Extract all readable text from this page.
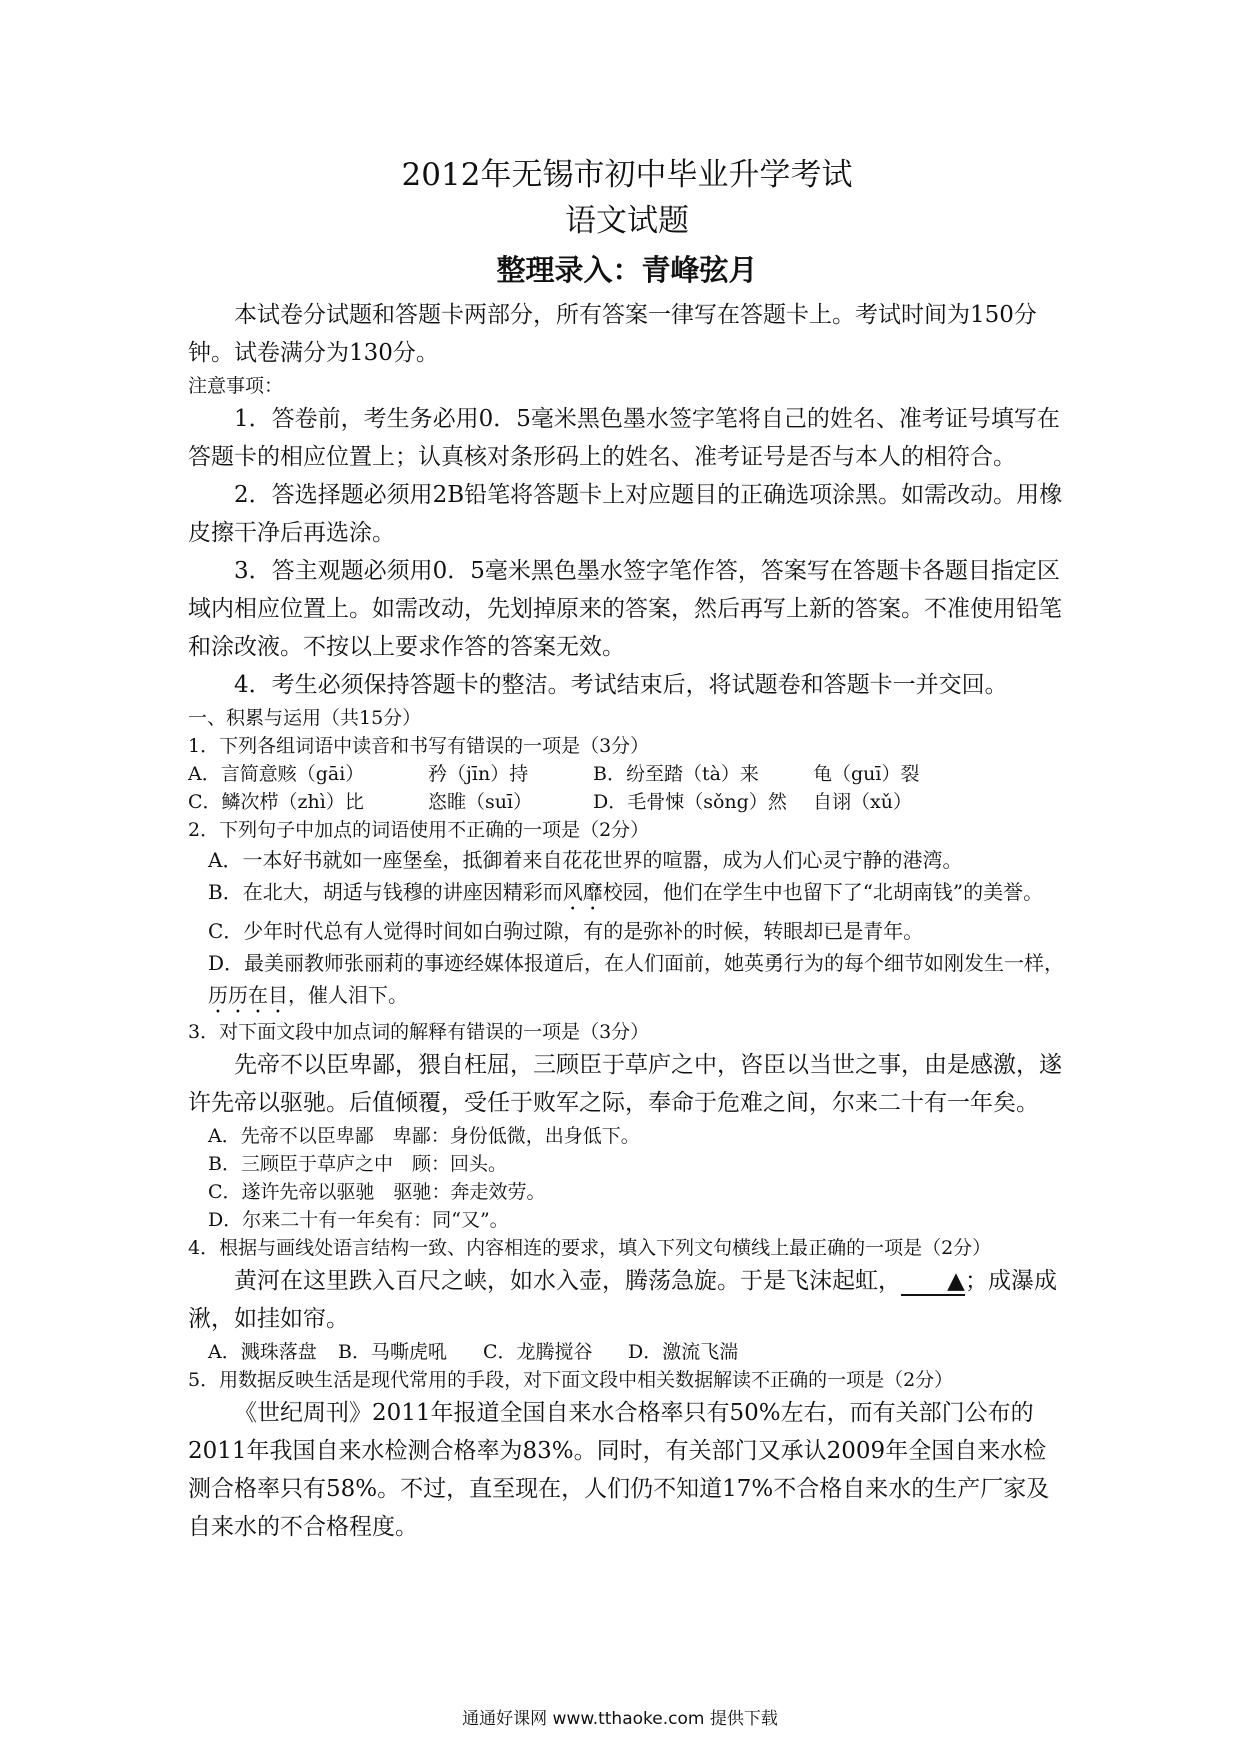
2012年无锡市初中毕业升学考试
语文试题
整理录入：青峰弦月

本试卷分试题和答题卡两部分，所有答案一律写在答题卡上。考试时间为150分钟。试卷满分为130分。

注意事项：

1．答卷前，考生务必用0．5毫米黑色墨水签字笔将自己的姓名、准考证号填写在答题卡的相应位置上；认真核对条形码上的姓名、准考证号是否与本人的相符合。

2．答选择题必须用2B铅笔将答题卡上对应题目的正确选项涂黑。如需改动。用橡皮擦干净后再选涂。

3．答主观题必须用0．5毫米黑色墨水签字笔作答，答案写在答题卡各题目指定区域内相应位置上。如需改动，先划掉原来的答案，然后再写上新的答案。不准使用铅笔和涂改液。不按以上要求作答的答案无效。

4．考生必须保持答题卡的整洁。考试结束后，将试题卷和答题卡一并交回。

一、积累与运用（共15分）

1．下列各组词语中读音和书写有错误的一项是（3分）

A．言简意赅（gāi）	矜（jīn）持	B．纷至踏（tà）来	龟（guī）裂
C．鳞次栉（zhì）比	恣睢（suī）	D．毛骨悚（sǒng）然	自诩（xǔ）

2．下列句子中加点的词语使用不正确的一项是（2分）

A．一本好书就如一座堡垒，抵御着来自花花世界的喧嚣，成为人们心灵宁静的港湾。

B．在北大，胡适与钱穆的讲座因精彩而风靡校园，他们在学生中也留下了“北胡南钱”的美誉。

C．少年时代总有人觉得时间如白驹过隙，有的是弥补的时候，转眼却已是青年。

D．最美丽教师张丽莉的事迹经媒体报道后，在人们面前，她英勇行为的每个细节如刚发生一样，历历在目，催人泪下。

3．对下面文段中加点词的解释有错误的一项是（3分）

先帝不以臣卑鄙，猥自枉屈，三顾臣于草庐之中，咨臣以当世之事，由是感激，遂许先帝以驱驰。后值倾覆，受任于败军之际，奉命于危难之间，尔来二十有一年矣。

A．先帝不以臣卑鄙　卑鄙：身份低微，出身低下。

B．三顾臣于草庐之中　顾：回头。

C．遂许先帝以驱驰　驱驰：奔走效劳。

D．尔来二十有一年矣有：同“又”。

4．根据与画线处语言结构一致、内容相连的要求，填入下列文句横线上最正确的一项是（2分）

黄河在这里跌入百尺之峡，如水入壶，腾荡急旋。于是飞沫起虹， ▲；成瀑成湫，如挂如帘。

A．溅珠落盘	B．马嘶虎吼	C．龙腾搅谷	D．激流飞湍

5．用数据反映生活是现代常用的手段，对下面文段中相关数据解读不正确的一项是（2分）

《世纪周刊》2011年报道全国自来水合格率只有50%左右，而有关部门公布的2011年我国自来水检测合格率为83%。同时，有关部门又承认2009年全国自来水检测合格率只有58%。不过，直至现在，人们仍不知道17%不合格自来水的生产厂家及自来水的不合格程度。

通通好课网 www.tthaoke.com 提供下载
